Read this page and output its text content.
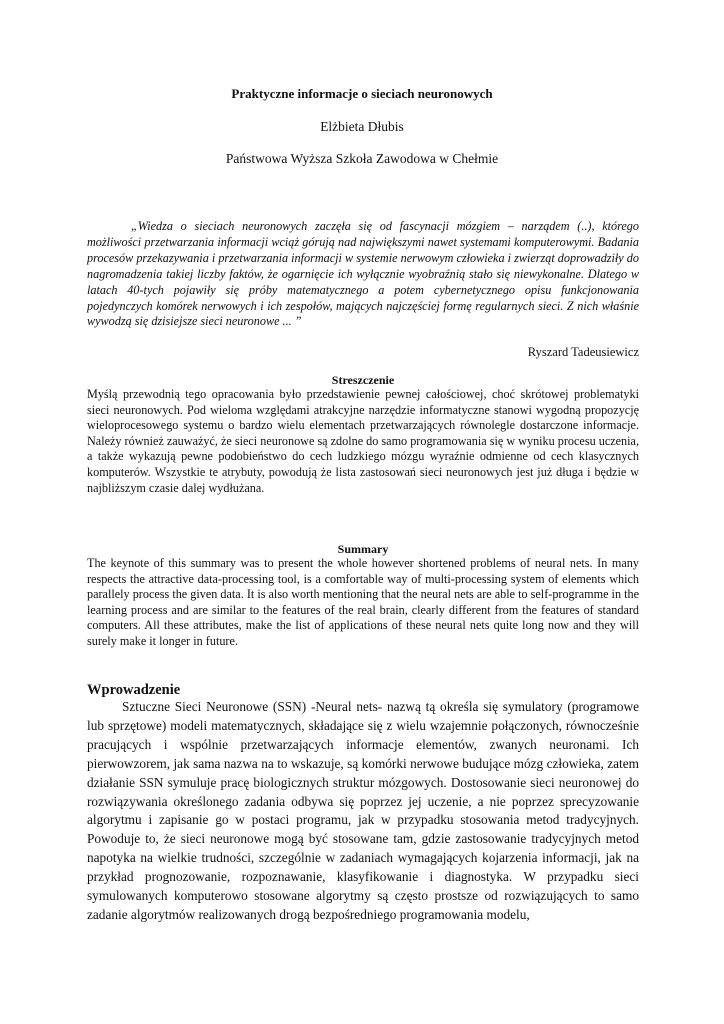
Praktyczne informacje o sieciach neuronowych
Elżbieta Dłubis
Państwowa Wyższa Szkoła Zawodowa w Chełmie

„Wiedza o sieciach neuronowych zaczęła się od fascynacji mózgiem – narządem (..), którego możliwości przetwarzania informacji wciąż górują nad największymi nawet systemami komputerowymi. Badania procesów przekazywania i przetwarzania informacji w systemie nerwowym człowieka i zwierząt doprowadziły do nagromadzenia takiej liczby faktów, że ogarnięcie ich wyłącznie wyobraźnią stało się niewykonalne. Dlatego w latach 40-tych pojawiły się próby matematycznego a potem cybernetycznego opisu funkcjonowania pojedynczych komórek nerwowych i ich zespołów, mających najczęściej formę regularnych sieci. Z nich właśnie wywodzą się dzisiejsze sieci neuronowe ... ”

Ryszard Tadeusiewicz
Streszczenie

Myślą przewodnią tego opracowania było przedstawienie pewnej całościowej, choć skrótowej problematyki sieci neuronowych. Pod wieloma względami atrakcyjne narzędzie informatyczne stanowi wygodną propozycję wieloprocesowego systemu o bardzo wielu elementach przetwarzających równolegle dostarczone informacje. Należy również zauważyć, że sieci neuronowe są zdolne do samo programowania się w wyniku procesu uczenia, a także wykazują pewne podobieństwo do cech ludzkiego mózgu wyraźnie odmienne od cech klasycznych komputerów. Wszystkie te atrybuty, powodują że lista zastosowań sieci neuronowych jest już długa i będzie w najbliższym czasie dalej wydłużana.

Summary

The keynote of this summary was to present the whole however shortened problems of neural nets. In many respects the attractive data-processing tool, is a comfortable way of multi-processing system of elements which parallely process the given data. It is also worth mentioning that the neural nets are able to self-programme in the learning process and are similar to the features of the real brain, clearly different from the features of standard computers. All these attributes, make the list of applications of these neural nets quite long now and they will surely make it longer in future.

Wprowadzenie

Sztuczne Sieci Neuronowe (SSN) -Neural nets- nazwą tą określa się symulatory (programowe lub sprzętowe) modeli matematycznych, składające się z wielu wzajemnie połączonych, równocześnie pracujących i wspólnie przetwarzających informacje elementów, zwanych neuronami. Ich pierwowzorem, jak sama nazwa na to wskazuje, są komórki nerwowe budujące mózg człowieka, zatem działanie SSN symuluje pracę biologicznych struktur mózgowych. Dostosowanie sieci neuronowej do rozwiązywania określonego zadania odbywa się poprzez jej uczenie, a nie poprzez sprecyzowanie algorytmu i zapisanie go w postaci programu, jak w przypadku stosowania metod tradycyjnych. Powoduje to, że sieci neuronowe mogą być stosowane tam, gdzie zastosowanie tradycyjnych metod napotyka na wielkie trudności, szczególnie w zadaniach wymagających kojarzenia informacji, jak na przykład prognozowanie, rozpoznawanie, klasyfikowanie i diagnostyka. W przypadku sieci symulowanych komputerowo stosowane algorytmy są często prostsze od rozwiązujących to samo zadanie algorytmów realizowanych drogą bezpośredniego programowania modelu,
